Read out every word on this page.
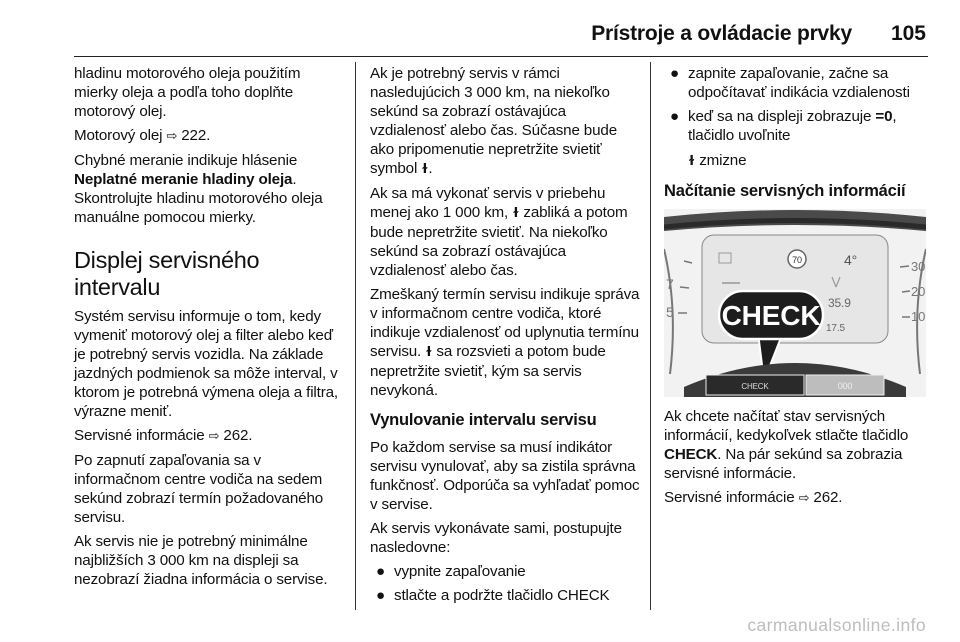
Prístroje a ovládacie prvky 105

hladinu motorového oleja použitím mierky oleja a podľa toho doplňte motorový olej.

Motorový olej ⇨ 222.

Chybné meranie indikuje hlásenie
Neplatné meranie hladiny oleja. Skontrolujte hladinu motorového oleja manuálne pomocou mierky.

Displej servisného intervalu

Systém servisu informuje o tom, kedy vymeniť motorový olej a filter alebo keď je potrebný servis vozidla. Na základe jazdných podmienok sa môže interval, v ktorom je potrebná výmena oleja a filtra, výrazne meniť.

Servisné informácie ⇨ 262.

Po zapnutí zapaľovania sa v informačnom centre vodiča na sedem sekúnd zobrazí termín požadovaného servisu.

Ak servis nie je potrebný minimálne najbližších 3 000 km na displeji sa nezobrazí žiadna informácia o servise.

Ak je potrebný servis v rámci nasledujúcich 3 000 km, na niekoľko sekúnd sa zobrazí ostávajúca vzdialenosť alebo čas. Súčasne bude ako pripomenutie nepretržite svietiť symbol ɫ.

Ak sa má vykonať servis v priebehu menej ako 1 000 km, ɫ zabliká a potom bude nepretržite svietiť. Na niekoľko sekúnd sa zobrazí ostávajúca vzdialenosť alebo čas.

Zmeškaný termín servisu indikuje správa v informačnom centre vodiča, ktoré indikuje vzdialenosť od uplynutia termínu servisu. ɫ sa rozsvieti a potom bude nepretržite svietiť, kým sa servis nevykoná.

Vynulovanie intervalu servisu

Po každom servise sa musí indikátor servisu vynulovať, aby sa zistila správna funkčnosť. Odporúča sa vyhľadať pomoc v servise.

Ak servis vykonávate sami, postupujte nasledovne:

● vypnite zapaľovanie
● stlačte a podržte tlačidlo CHECK
● zapnite zapaľovanie, začne sa odpočítavať indikácia vzdialenosti
● keď sa na displeji zobrazuje =0, tlačidlo uvoľnite

ɫ zmizne

Načítanie servisných informácií
7
5
30
20
10
70	4°
35.9
17.5
CHECK
CHECK	000

Ak chcete načítať stav servisných informácií, kedykoľvek stlačte tlačidlo CHECK. Na pár sekúnd sa zobrazia servisné informácie.

Servisné informácie ⇨ 262.

carmanualsonline.info
